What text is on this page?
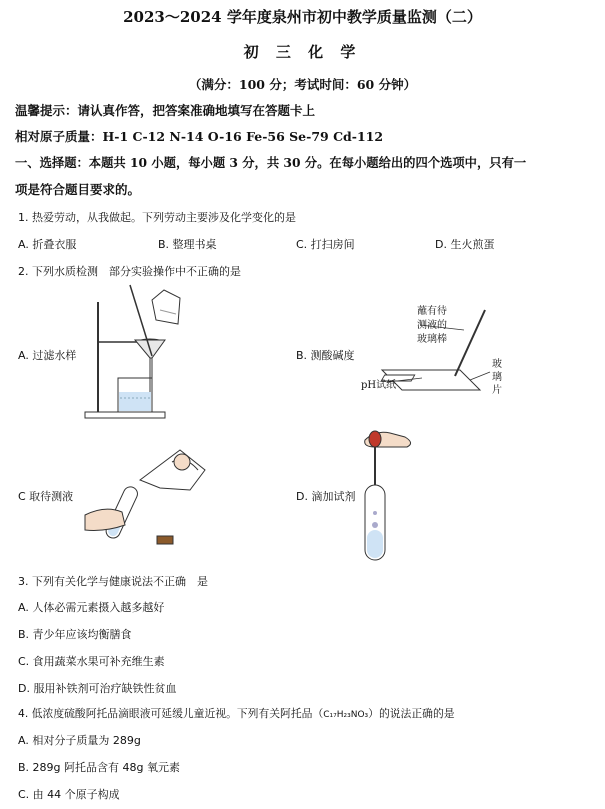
2023～2024 学年度泉州市初中教学质量监测（二）
初 三 化 学
（满分：100 分；考试时间：60 分钟）
温馨提示：请认真作答，把答案准确地填写在答题卡上
相对原子质量：H-1 C-12 N-14 O-16 Fe-56 Se-79 Cd-112
一、选择题：本题共 10 小题，每小题 3 分，共 30 分。在每小题给出的四个选项中，只有一
项是符合题目要求的。
1. 热爱劳动，从我做起。下列劳动主要涉及化学变化的是
A. 折叠衣服	B. 整理书桌	C. 打扫房间	D. 生火煎蛋
2. 下列水质检测　部分实验操作中不正确的是
A. 过滤水样	B. 测酸碱度
C 取待测液	D. 滴加试剂
蘸有待
测液的
玻璃棒
pH试纸
玻
璃
片
3. 下列有关化学与健康说法不正确　是
A. 人体必需元素摄入越多越好
B. 青少年应该均衡膳食
C. 食用蔬菜水果可补充维生素
D. 服用补铁剂可治疗缺铁性贫血
4. 低浓度硫酸阿托品滴眼液可延缓儿童近视。下列有关阿托品（C₁₇H₂₃NO₃）的说法正确的是
A. 相对分子质量为 289g
B. 289g 阿托品含有 48g 氧元素
C. 由 44 个原子构成
